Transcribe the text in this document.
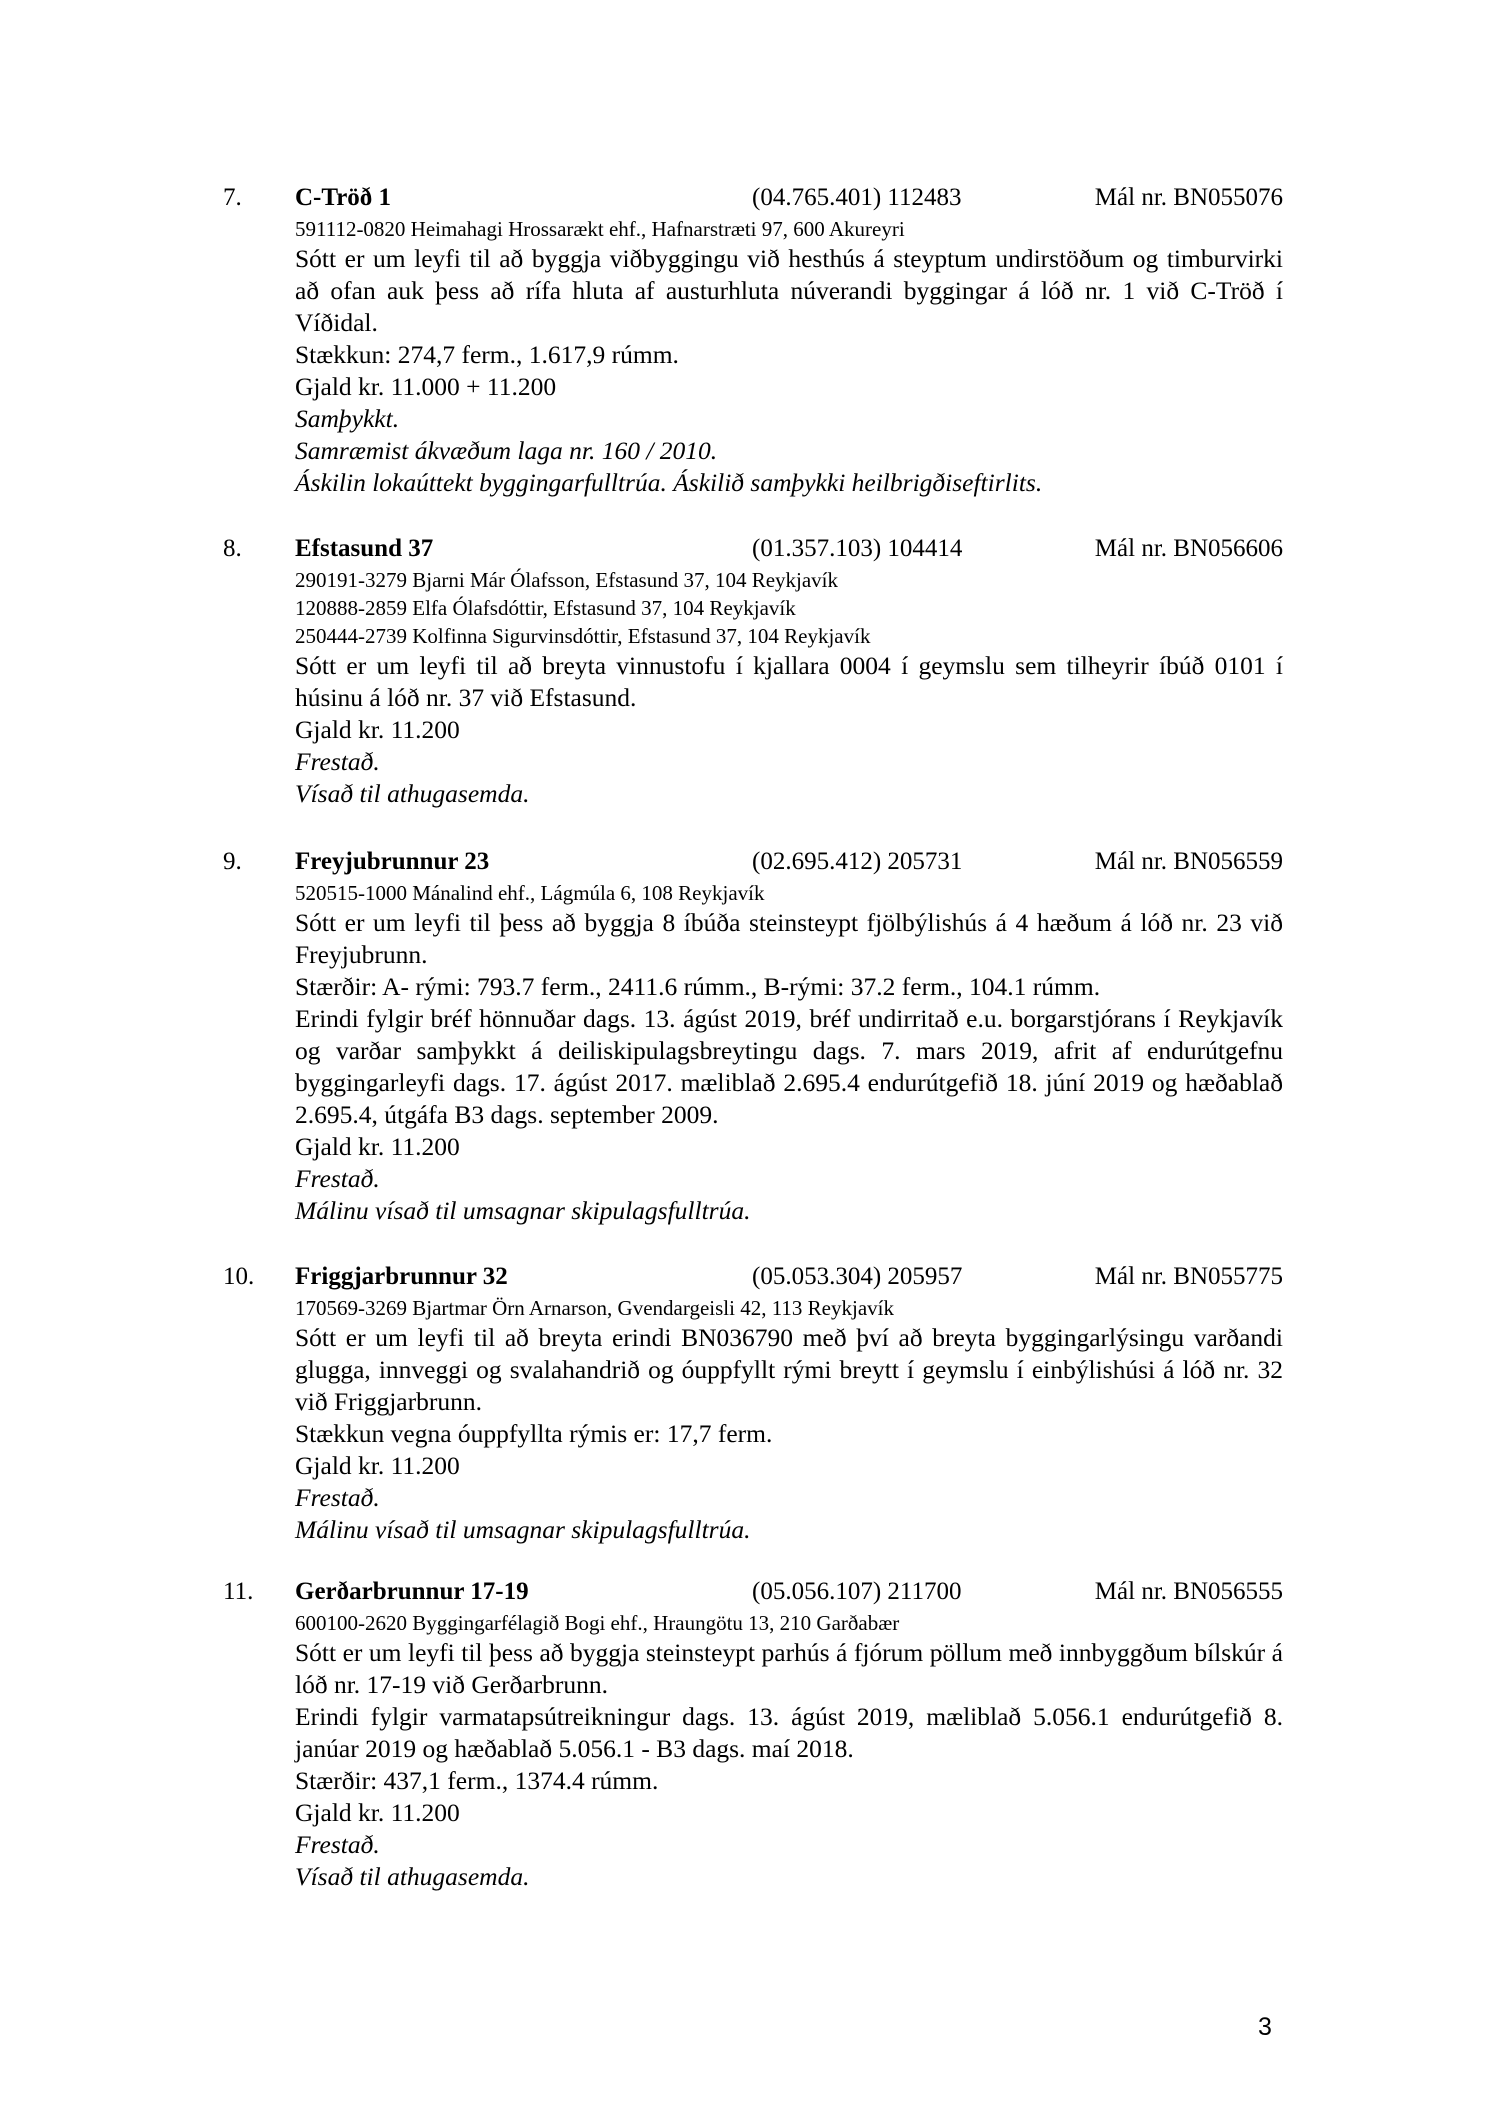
7. C-Tröð 1	(04.765.401) 112483	Mál nr. BN055076
591112-0820 Heimahagi Hrossarækt ehf., Hafnarstræti 97, 600 Akureyri

Sótt er um leyfi til að byggja viðbyggingu við hesthús á steyptum undirstöðum og timburvirki að ofan auk þess að rífa hluta af austurhluta núverandi byggingar á lóð nr. 1 við C-Tröð í Víðidal.

Stækkun: 274,7 ferm., 1.617,9 rúmm.
Gjald kr. 11.000 + 11.200
Samþykkt.
Samræmist ákvæðum laga nr. 160 / 2010.
Áskilin lokaúttekt byggingarfulltrúa. Áskilið samþykki heilbrigðiseftirlits.
8. Efstasund 37	(01.357.103) 104414	Mál nr. BN056606
290191-3279 Bjarni Már Ólafsson, Efstasund 37, 104 Reykjavík
120888-2859 Elfa Ólafsdóttir, Efstasund 37, 104 Reykjavík
250444-2739 Kolfinna Sigurvinsdóttir, Efstasund 37, 104 Reykjavík

Sótt er um leyfi til að breyta vinnustofu í kjallara 0004 í geymslu sem tilheyrir íbúð 0101 í húsinu á lóð nr. 37 við Efstasund.

Gjald kr. 11.200
Frestað.
Vísað til athugasemda.
9. Freyjubrunnur 23	(02.695.412) 205731	Mál nr. BN056559
520515-1000 Mánalind ehf., Lágmúla 6, 108 Reykjavík

Sótt er um leyfi til þess að byggja 8 íbúða steinsteypt fjölbýlishús á 4 hæðum á lóð nr. 23 við Freyjubrunn.

Stærðir: A- rými: 793.7 ferm., 2411.6 rúmm., B-rými: 37.2 ferm., 104.1 rúmm.

Erindi fylgir bréf hönnuðar dags. 13. ágúst 2019, bréf undirritað e.u. borgarstjórans í Reykjavík og varðar samþykkt á deiliskipulagsbreytingu dags. 7. mars 2019, afrit af endurútgefnu byggingarleyfi dags. 17. ágúst 2017. mæliblað 2.695.4 endurútgefið 18. júní 2019 og hæðablað 2.695.4, útgáfa B3 dags. september 2009.

Gjald kr. 11.200
Frestað.
Málinu vísað til umsagnar skipulagsfulltrúa.
10. Friggjarbrunnur 32	(05.053.304) 205957	Mál nr. BN055775
170569-3269 Bjartmar Örn Arnarson, Gvendargeisli 42, 113 Reykjavík

Sótt er um leyfi til að breyta erindi BN036790 með því að breyta byggingarlýsingu varðandi glugga, innveggi og svalahandrið og óuppfyllt rými breytt í geymslu í einbýlishúsi á lóð nr. 32 við Friggjarbrunn.

Stækkun vegna óuppfyllta rýmis er: 17,7 ferm.
Gjald kr. 11.200
Frestað.
Málinu vísað til umsagnar skipulagsfulltrúa.
11. Gerðarbrunnur 17-19	(05.056.107) 211700	Mál nr. BN056555
600100-2620 Byggingarfélagið Bogi ehf., Hraungötu 13, 210 Garðabær

Sótt er um leyfi til þess að byggja steinsteypt parhús á fjórum pöllum með innbyggðum bílskúr á lóð nr. 17-19 við Gerðarbrunn.

Erindi fylgir varmatapsútreikningur dags. 13. ágúst 2019, mæliblað 5.056.1 endurútgefið 8. janúar 2019 og hæðablað 5.056.1 - B3 dags. maí 2018.

Stærðir: 437,1 ferm., 1374.4 rúmm.
Gjald kr. 11.200
Frestað.
Vísað til athugasemda.
3
